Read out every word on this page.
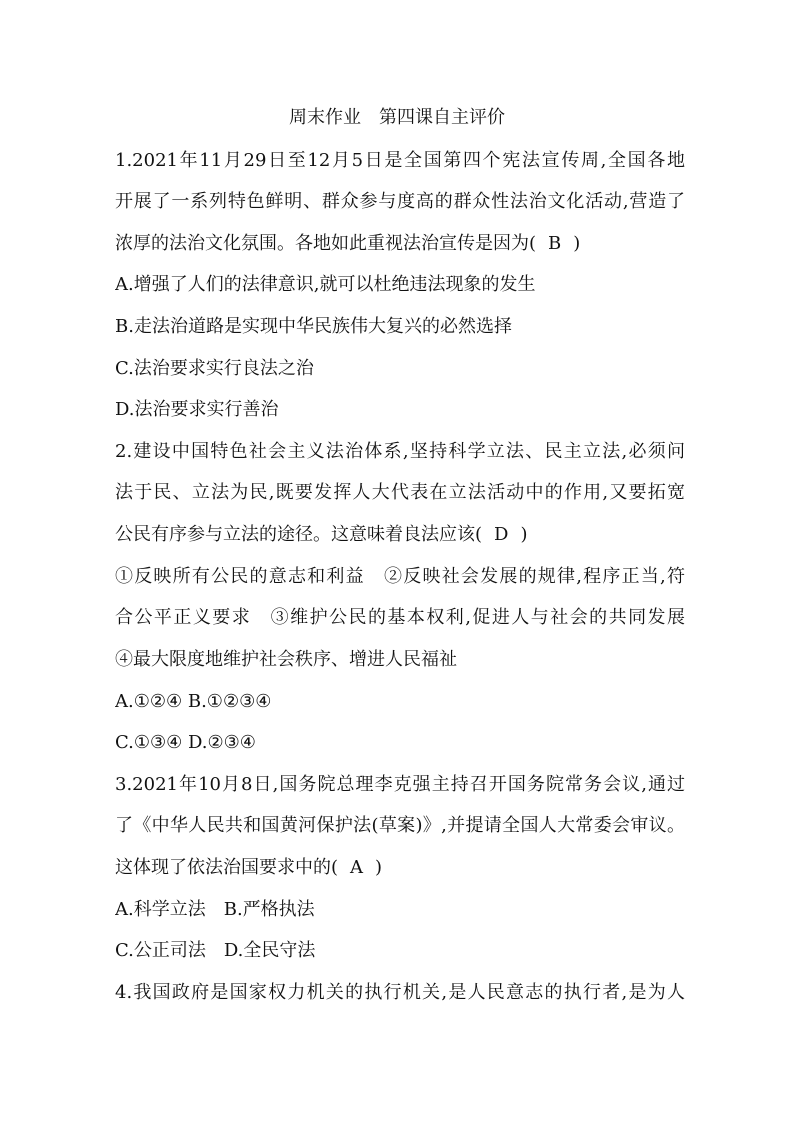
周末作业　第四课自主评价
1.2021年11月29日至12月5日是全国第四个宪法宣传周,全国各地
开展了一系列特色鲜明、群众参与度高的群众性法治文化活动,营造了
浓厚的法治文化氛围。各地如此重视法治宣传是因为( B )
A.增强了人们的法律意识,就可以杜绝违法现象的发生
B.走法治道路是实现中华民族伟大复兴的必然选择
C.法治要求实行良法之治
D.法治要求实行善治
2.建设中国特色社会主义法治体系,坚持科学立法、民主立法,必须问
法于民、立法为民,既要发挥人大代表在立法活动中的作用,又要拓宽
公民有序参与立法的途径。这意味着良法应该( D )
①反映所有公民的意志和利益　②反映社会发展的规律,程序正当,符
合公平正义要求　③维护公民的基本权利,促进人与社会的共同发展
④最大限度地维护社会秩序、增进人民福祉
A.①②④ B.①②③④
C.①③④ D.②③④
3.2021年10月8日,国务院总理李克强主持召开国务院常务会议,通过
了《中华人民共和国黄河保护法(草案)》,并提请全国人大常委会审议。
这体现了依法治国要求中的( A )
A.科学立法　B.严格执法
C.公正司法　D.全民守法
4.我国政府是国家权力机关的执行机关,是人民意志的执行者,是为人
